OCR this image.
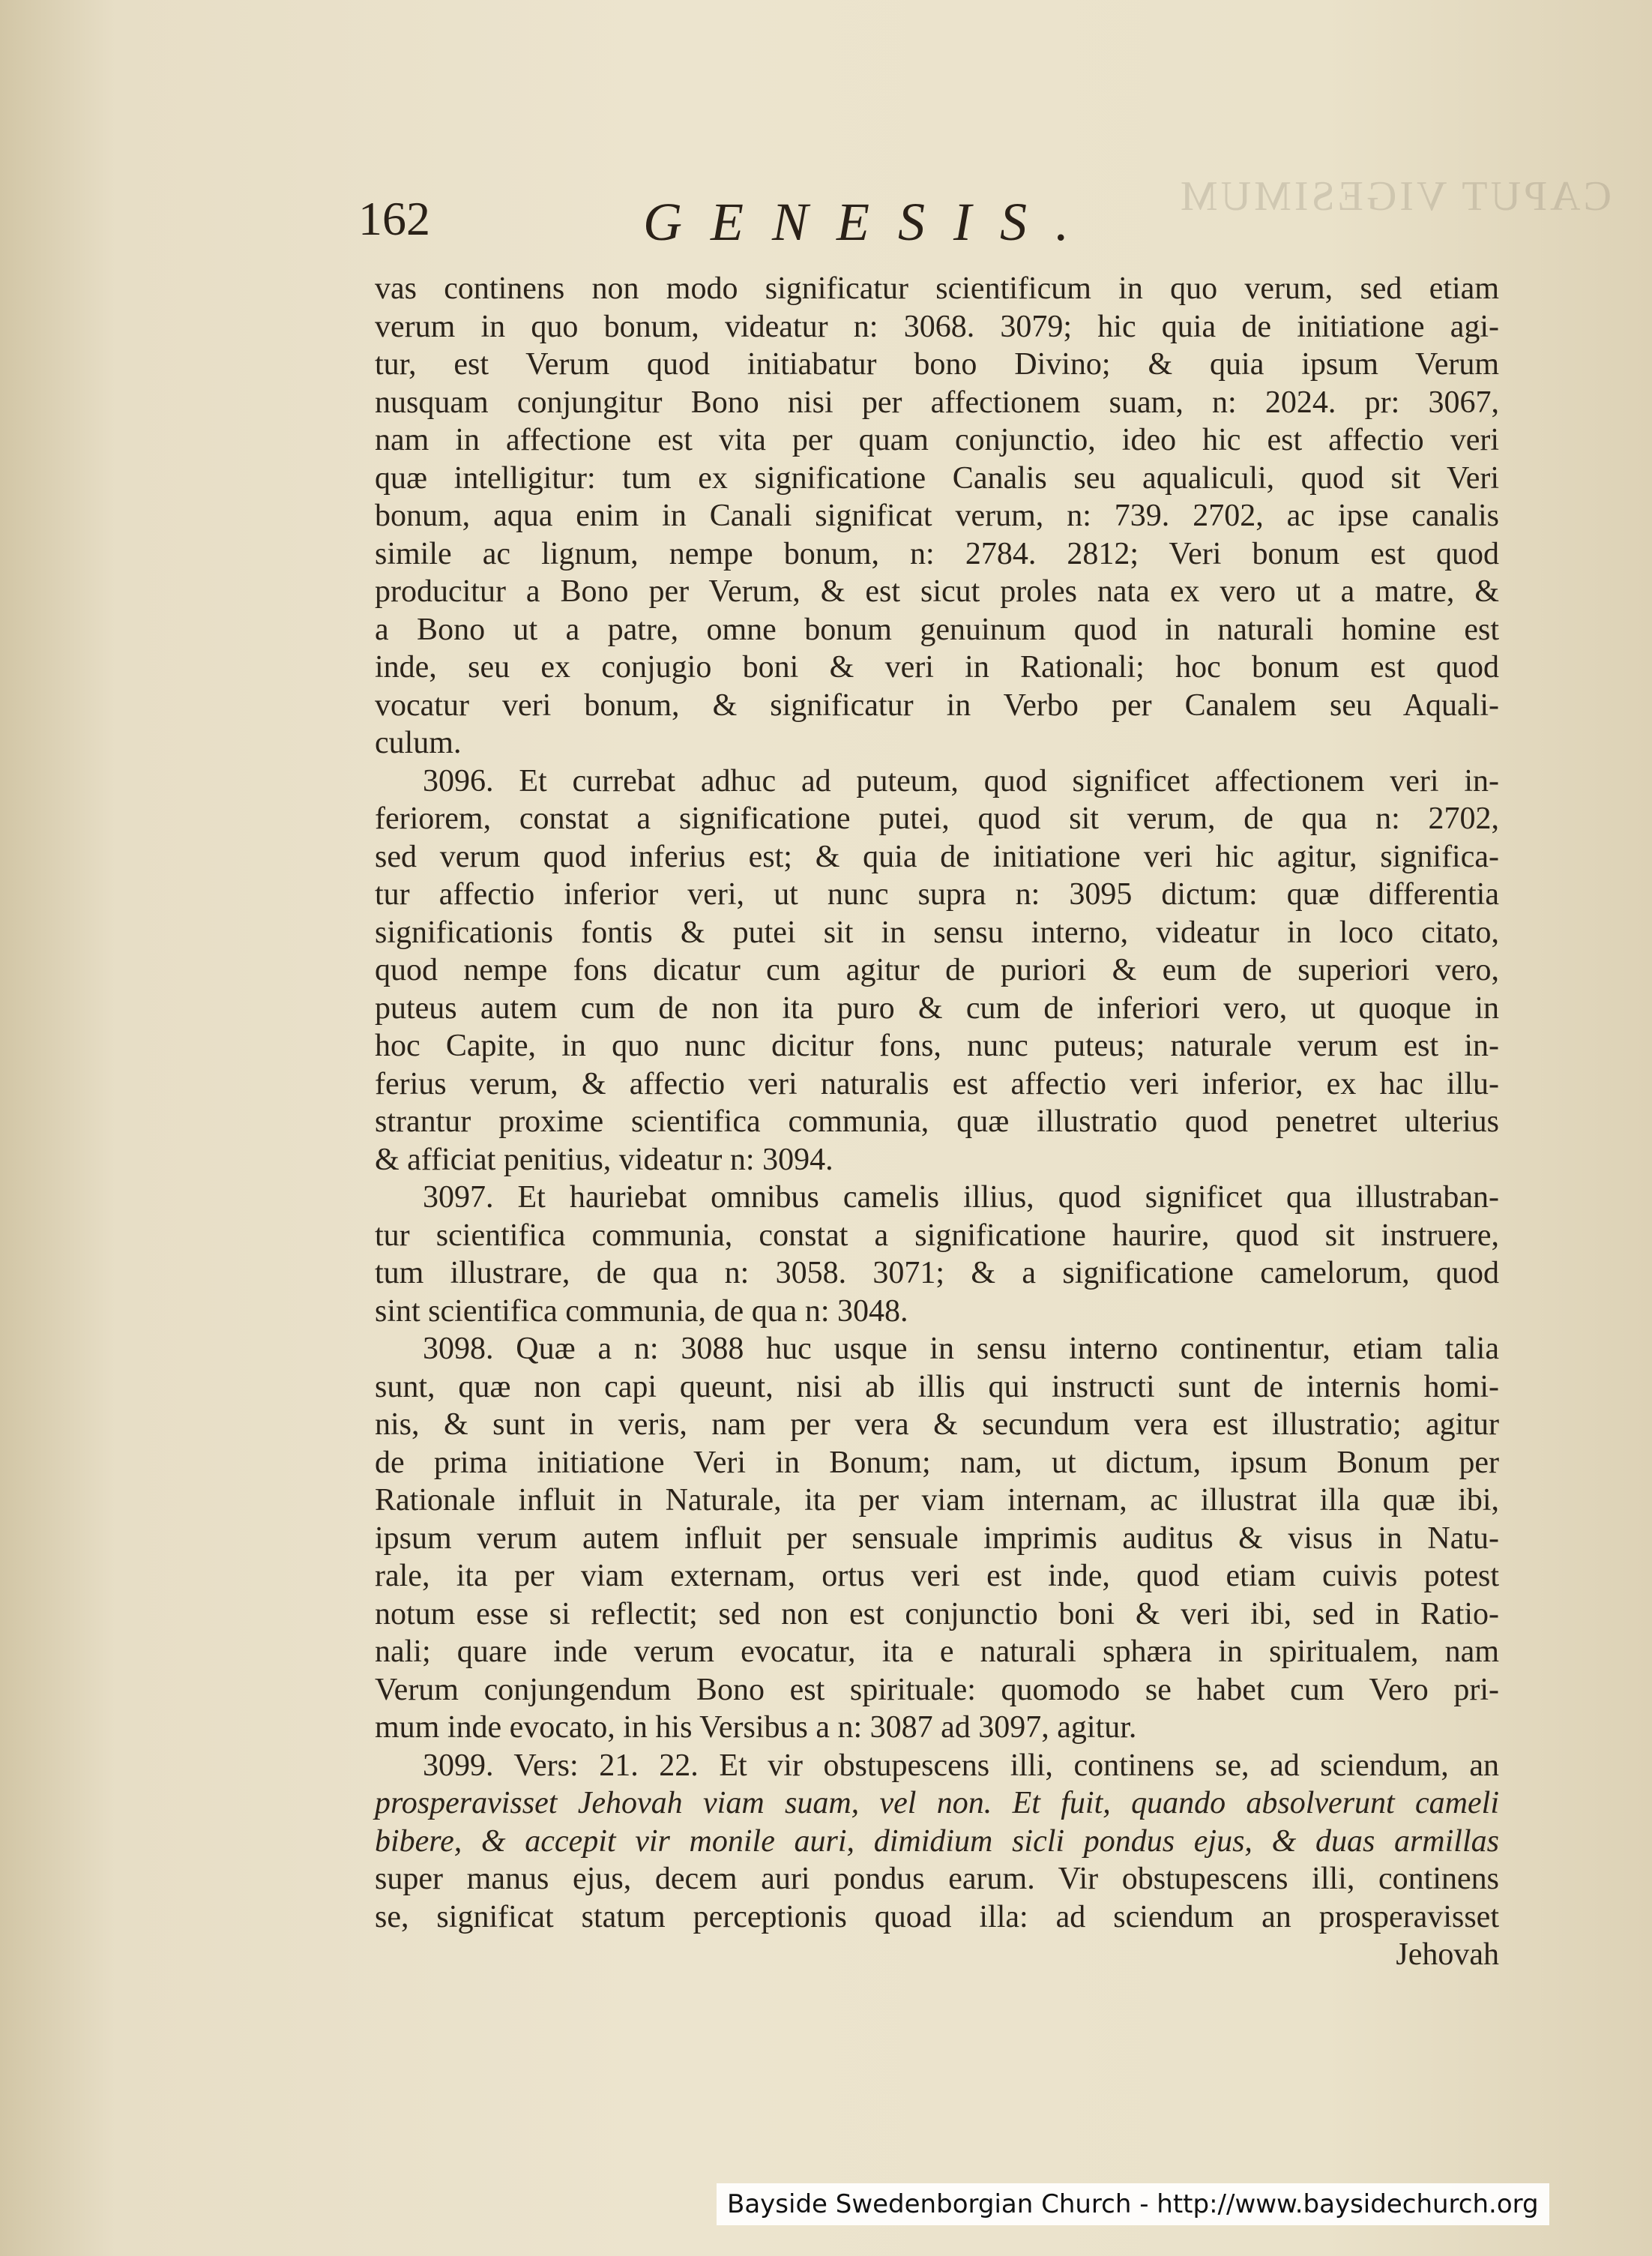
CAPUT VIGESIMUM
162	GENESIS.
vas continens non modo significatur scientificum in quo verum, sed etiam
verum in quo bonum, videatur n: 3068. 3079; hic quia de initiatione agi-
tur, est Verum quod initiabatur bono Divino; & quia ipsum Verum
nusquam conjungitur Bono nisi per affectionem suam, n: 2024. pr: 3067,
nam in affectione est vita per quam conjunctio, ideo hic est affectio veri
quæ intelligitur: tum ex significatione Canalis seu aqualiculi, quod sit Veri
bonum, aqua enim in Canali significat verum, n: 739. 2702, ac ipse canalis
simile ac lignum, nempe bonum, n: 2784. 2812; Veri bonum est quod
producitur a Bono per Verum, & est sicut proles nata ex vero ut a matre, &
a Bono ut a patre, omne bonum genuinum quod in naturali homine est
inde, seu ex conjugio boni & veri in Rationali; hoc bonum est quod
vocatur veri bonum, & significatur in Verbo per Canalem seu Aquali-
culum.
3096. Et currebat adhuc ad puteum, quod significet affectionem veri in-
feriorem, constat a significatione putei, quod sit verum, de qua n: 2702,
sed verum quod inferius est; & quia de initiatione veri hic agitur, significa-
tur affectio inferior veri, ut nunc supra n: 3095 dictum: quæ differentia
significationis fontis & putei sit in sensu interno, videatur in loco citato,
quod nempe fons dicatur cum agitur de puriori & eum de superiori vero,
puteus autem cum de non ita puro & cum de inferiori vero, ut quoque in
hoc Capite, in quo nunc dicitur fons, nunc puteus; naturale verum est in-
ferius verum, & affectio veri naturalis est affectio veri inferior, ex hac illu-
strantur proxime scientifica communia, quæ illustratio quod penetret ulterius
& afficiat penitius, videatur n: 3094.
3097. Et hauriebat omnibus camelis illius, quod significet qua illustraban-
tur scientifica communia, constat a significatione haurire, quod sit instruere,
tum illustrare, de qua n: 3058. 3071; & a significatione camelorum, quod
sint scientifica communia, de qua n: 3048.
3098. Quæ a n: 3088 huc usque in sensu interno continentur, etiam talia
sunt, quæ non capi queunt, nisi ab illis qui instructi sunt de internis homi-
nis, & sunt in veris, nam per vera & secundum vera est illustratio; agitur
de prima initiatione Veri in Bonum; nam, ut dictum, ipsum Bonum per
Rationale influit in Naturale, ita per viam internam, ac illustrat illa quæ ibi,
ipsum verum autem influit per sensuale imprimis auditus & visus in Natu-
rale, ita per viam externam, ortus veri est inde, quod etiam cuivis potest
notum esse si reflectit; sed non est conjunctio boni & veri ibi, sed in Ratio-
nali; quare inde verum evocatur, ita e naturali sphæra in spiritualem, nam
Verum conjungendum Bono est spirituale: quomodo se habet cum Vero pri-
mum inde evocato, in his Versibus a n: 3087 ad 3097, agitur.
3099. Vers: 21. 22. Et vir obstupescens illi, continens se, ad sciendum, an
prosperavisset Jehovah viam suam, vel non. Et fuit, quando absolverunt cameli
bibere, & accepit vir monile auri, dimidium sicli pondus ejus, & duas armillas
super manus ejus, decem auri pondus earum. Vir obstupescens illi, continens
se, significat statum perceptionis quoad illa: ad sciendum an prosperavisset
Jehovah
Bayside Swedenborgian Church - http://www.baysidechurch.org
